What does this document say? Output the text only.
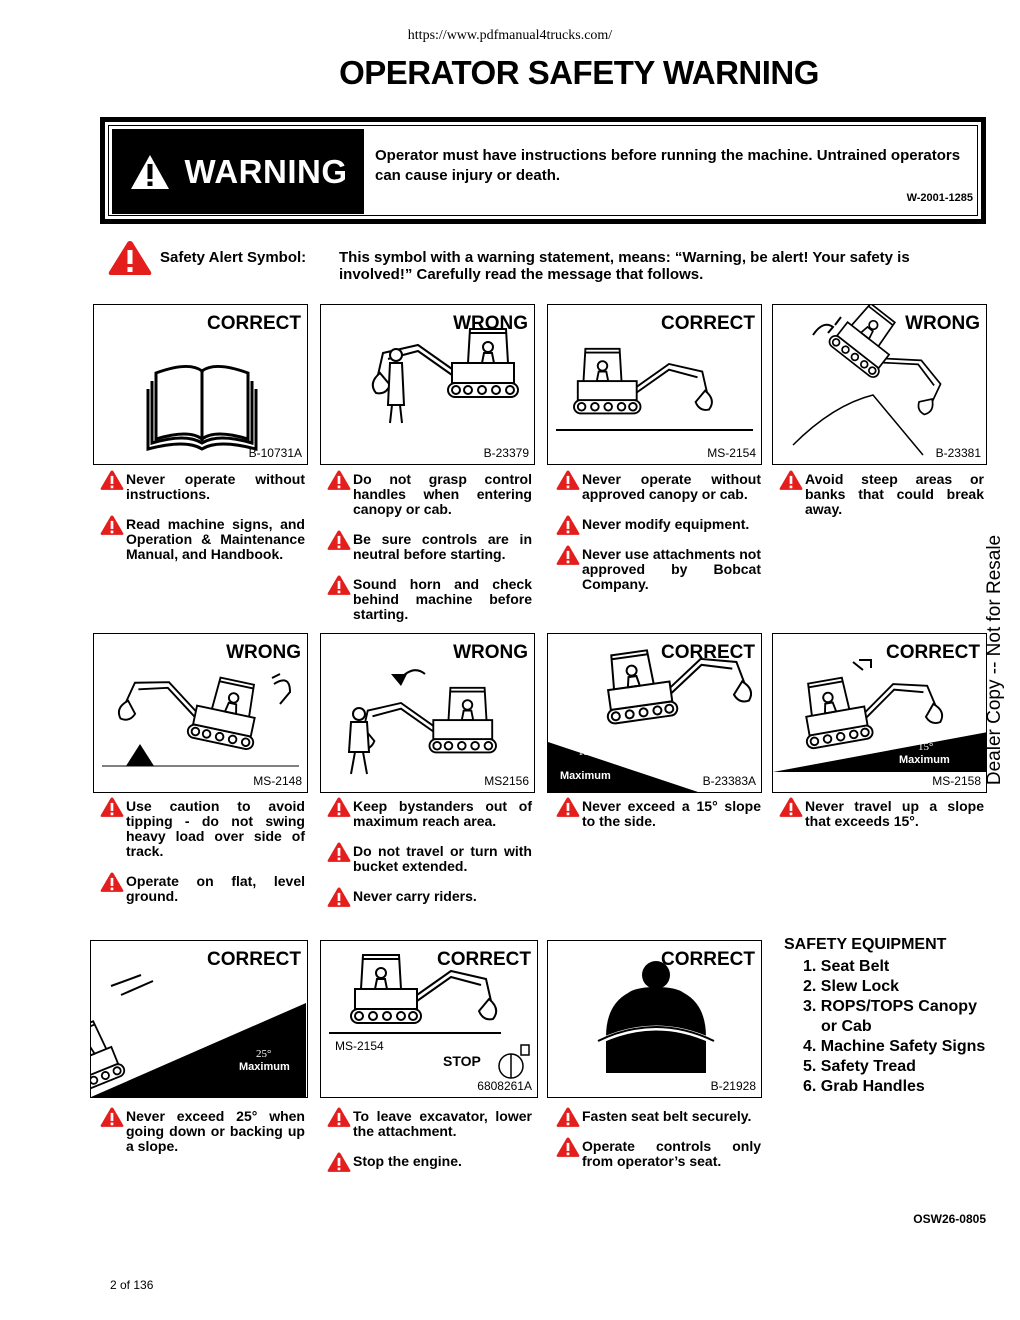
https://www.pdfmanual4trucks.com/
OPERATOR SAFETY WARNING
WARNING Operator must have instructions before running the machine. Untrained operators can cause injury or death.
W-2001-1285
Safety Alert Symbol: This symbol with a warning statement, means: “Warning, be alert! Your safety is involved!” Carefully read the message that follows.
CORRECT
B-10731A
WRONG
B-23379
CORRECT
MS-2154
WRONG
B-23381
WRONG
MS-2148
WRONG
MS2156
CORRECT
B-23383A
15°
Maximum
CORRECT
MS-2158
15°
Maximum
CORRECT
MS-2160
25°
Maximum
CORRECT
6808261A
MS-2154
STOP
CORRECT
B-21928
Never operate without instructions.
Read machine signs, and Operation & Maintenance Manual, and Handbook.
Do not grasp control handles when entering canopy or cab.
Be sure controls are in neutral before starting.
Sound horn and check behind machine before starting.
Never operate without approved canopy or cab.
Never modify equipment.
Never use attachments not approved by Bobcat Company.
Avoid steep areas or banks that could break away.
Use caution to avoid tipping - do not swing heavy load over side of track.
Operate on flat, level ground.
Keep bystanders out of maximum reach area.
Do not travel or turn with bucket extended.
Never carry riders.
Never exceed a 15° slope to the side.
Never travel up a slope that exceeds 15°.
Never exceed 25° when going down or backing up a slope.
To leave excavator, lower the attachment.
Stop the engine.
Fasten seat belt securely.
Operate controls only from operator’s seat.
SAFETY EQUIPMENT
1. Seat Belt
2. Slew Lock
3. ROPS/TOPS Canopy
or Cab
4. Machine Safety Signs
5. Safety Tread
6. Grab Handles
OSW26-0805
2 of 136
Dealer Copy -- Not for Resale
